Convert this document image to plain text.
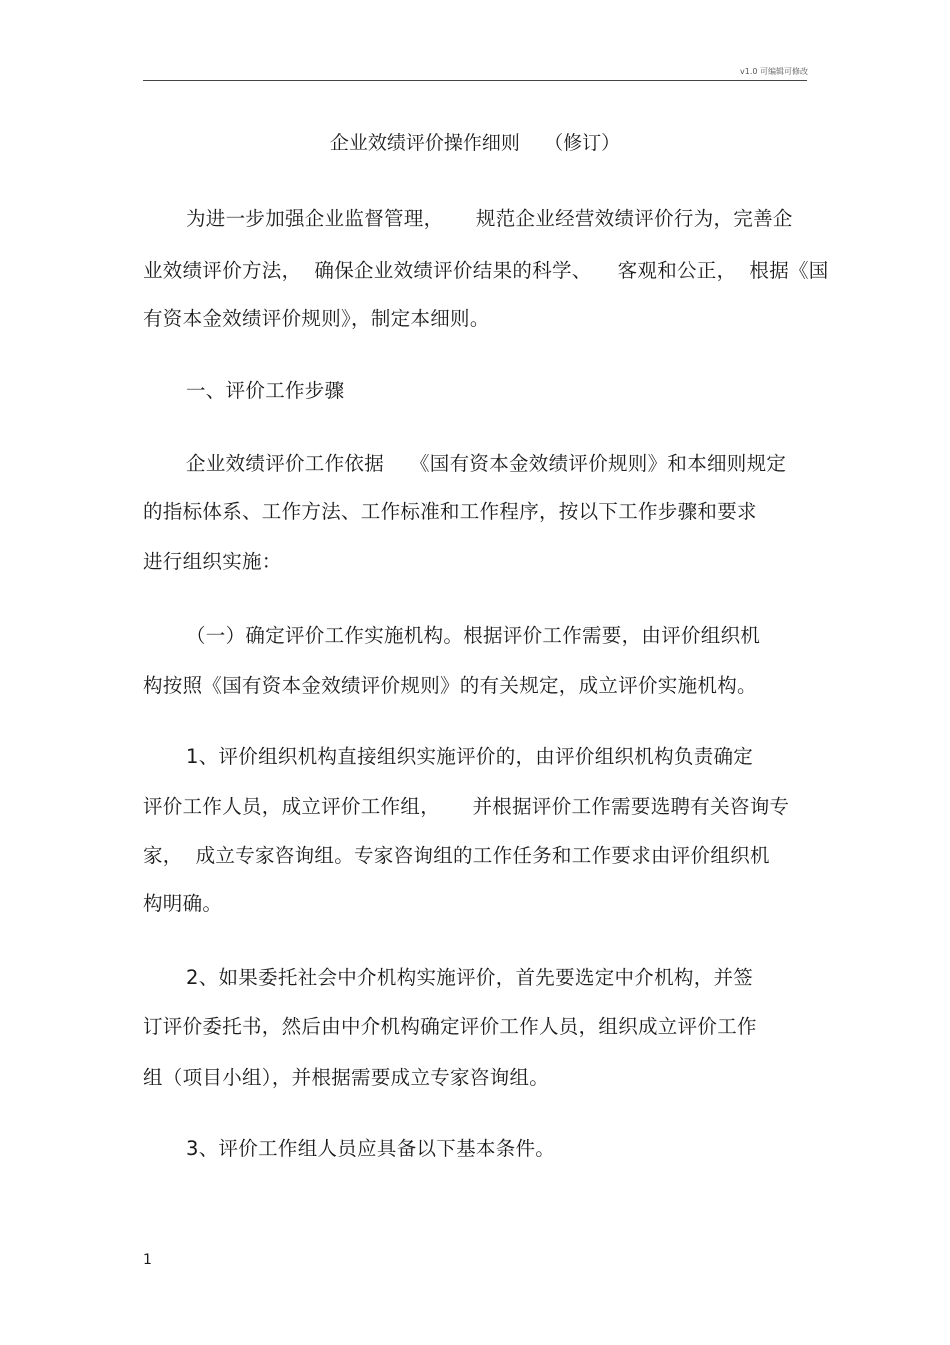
v1.0 可编辑可修改
企业效绩评价操作细则    （修订）
为进一步加强企业监督管理，     规范企业经营效绩评价行为，完善企
业效绩评价方法，  确保企业效绩评价结果的科学、    客观和公正，  根据《国
有资本金效绩评价规则》，制定本细则。
一、评价工作步骤
企业效绩评价工作依据    《国有资本金效绩评价规则》和本细则规定
的指标体系、工作方法、工作标准和工作程序，按以下工作步骤和要求
进行组织实施：
（一）确定评价工作实施机构。根据评价工作需要，由评价组织机
构按照《国有资本金效绩评价规则》的有关规定，成立评价实施机构。
1、评价组织机构直接组织实施评价的，由评价组织机构负责确定
评价工作人员，成立评价工作组，     并根据评价工作需要选聘有关咨询专
家，  成立专家咨询组。专家咨询组的工作任务和工作要求由评价组织机
构明确。
2、如果委托社会中介机构实施评价，首先要选定中介机构，并签
订评价委托书，然后由中介机构确定评价工作人员，组织成立评价工作
组（项目小组），并根据需要成立专家咨询组。
3、评价工作组人员应具备以下基本条件。
1
